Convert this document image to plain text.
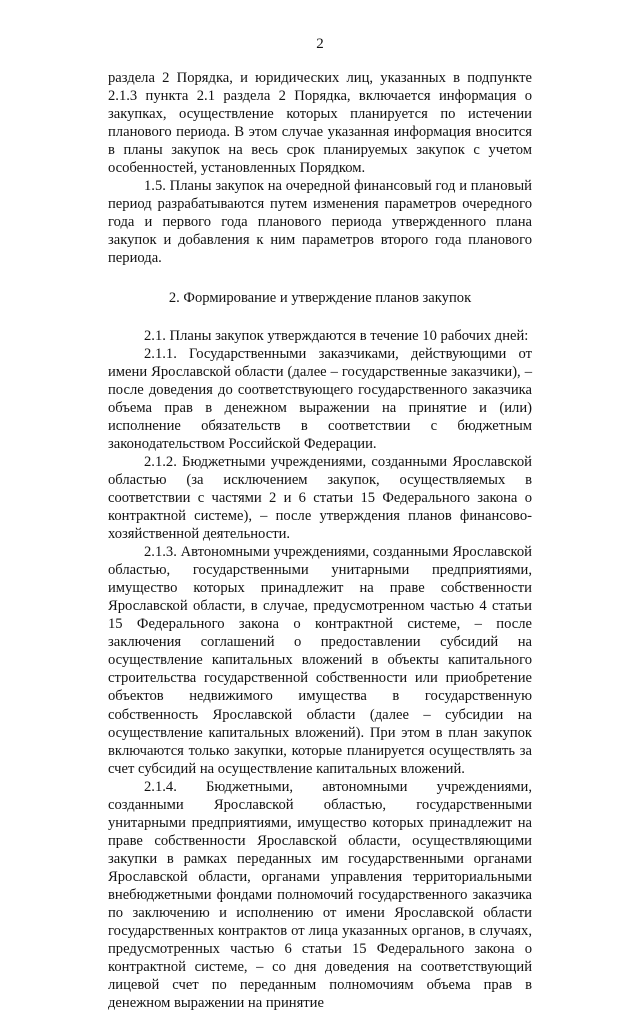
2

раздела 2 Порядка, и юридических лиц, указанных в подпункте 2.1.3 пункта 2.1 раздела 2 Порядка, включается информация о закупках, осуществление которых планируется по истечении планового периода. В этом случае указанная информация вносится в планы закупок на весь срок планируемых закупок с учетом особенностей, установленных Порядком.

1.5. Планы закупок на очередной финансовый год и плановый период разрабатываются путем изменения параметров очередного года и первого года планового периода утвержденного плана закупок и добавления к ним параметров второго года планового периода.

2. Формирование и утверждение планов закупок

2.1. Планы закупок утверждаются в течение 10 рабочих дней:

2.1.1. Государственными заказчиками, действующими от имени Ярославской области (далее – государственные заказчики), – после доведения до соответствующего государственного заказчика объема прав в денежном выражении на принятие и (или) исполнение обязательств в соответствии с бюджетным законодательством Российской Федерации.

2.1.2. Бюджетными учреждениями, созданными Ярославской областью (за исключением закупок, осуществляемых в соответствии с частями 2 и 6 статьи 15 Федерального закона о контрактной системе), – после утверждения планов финансово-хозяйственной деятельности.

2.1.3. Автономными учреждениями, созданными Ярославской областью, государственными унитарными предприятиями, имущество которых принадлежит на праве собственности Ярославской области, в случае, предусмотренном частью 4 статьи 15 Федерального закона о контрактной системе, – после заключения соглашений о предоставлении субсидий на осуществление капитальных вложений в объекты капитального строительства государственной собственности или приобретение объектов недвижимого имущества в государственную собственность Ярославской области (далее – субсидии на осуществление капитальных вложений). При этом в план закупок включаются только закупки, которые планируется осуществлять за счет субсидий на осуществление капитальных вложений.

2.1.4. Бюджетными, автономными учреждениями, созданными Ярославской областью, государственными унитарными предприятиями, имущество которых принадлежит на праве собственности Ярославской области, осуществляющими закупки в рамках переданных им государственными органами Ярославской области, органами управления территориальными внебюджетными фондами полномочий государственного заказчика по заключению и исполнению от имени Ярославской области государственных контрактов от лица указанных органов, в случаях, предусмотренных частью 6 статьи 15 Федерального закона о контрактной системе, – со дня доведения на соответствующий лицевой счет по переданным полномочиям объема прав в денежном выражении на принятие
